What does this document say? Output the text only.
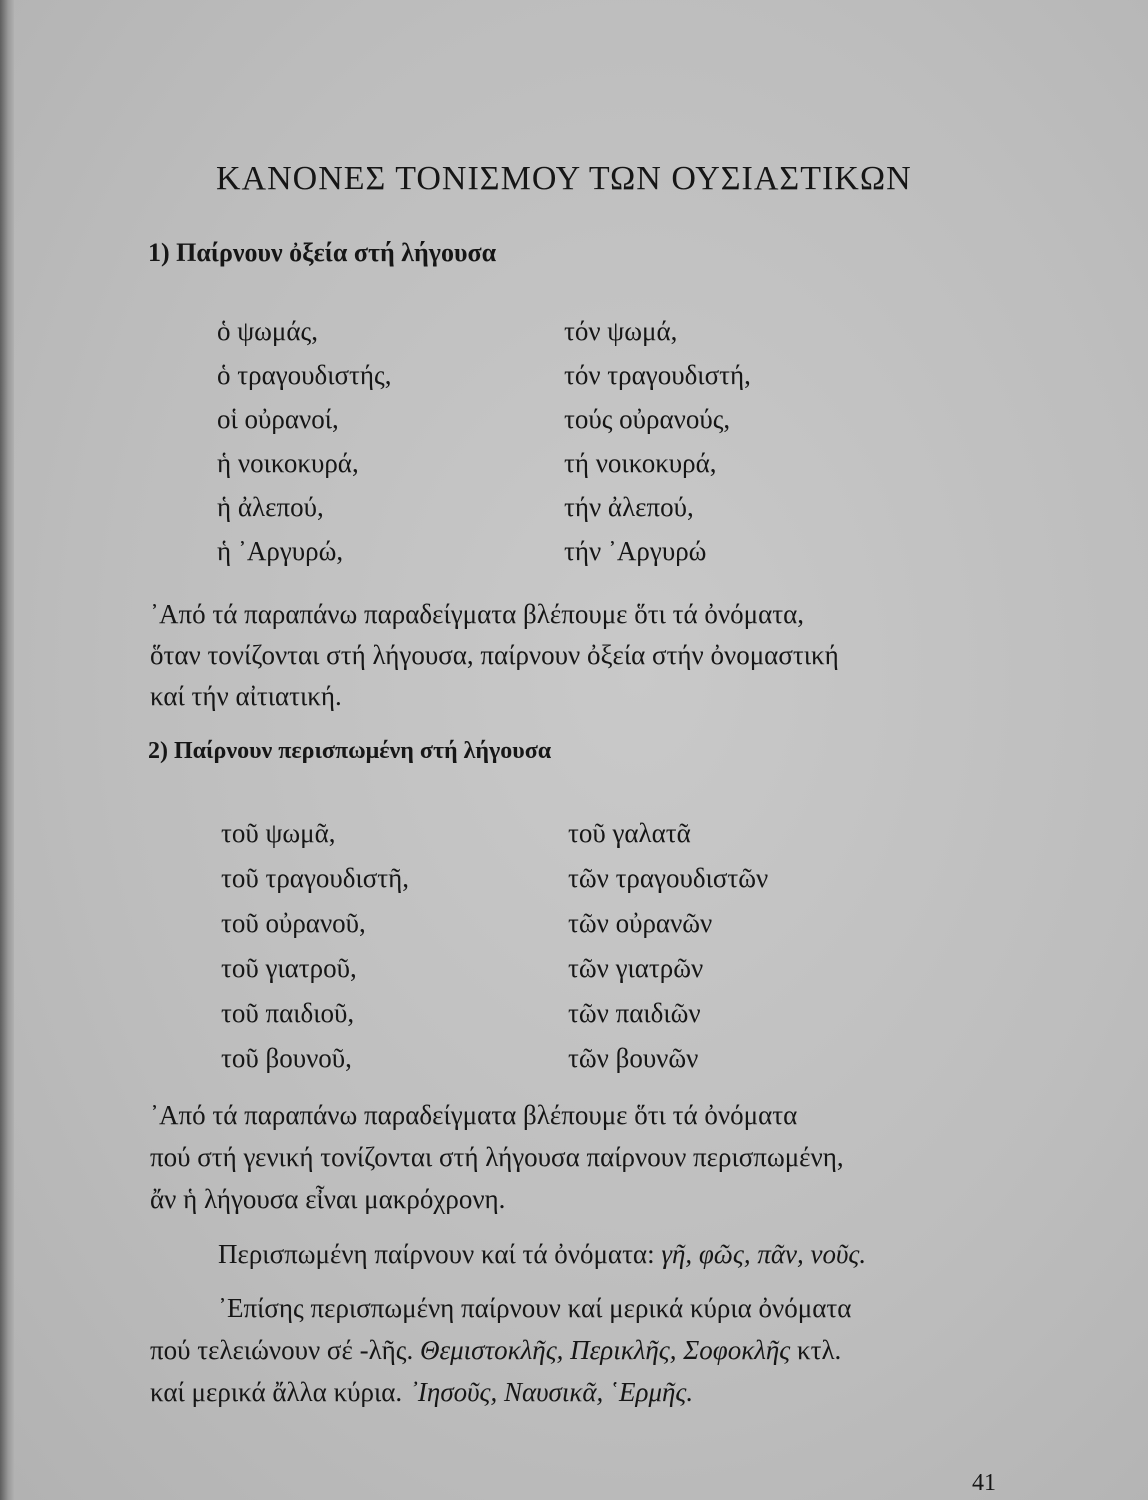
ΚΑΝΟΝΕΣ ΤΟΝΙΣΜΟΥ ΤΩΝ ΟΥΣΙΑΣΤΙΚΩΝ
1) Παίρνουν ὀξεία στή λήγουσα
ὁ ψωμάς,
ὁ τραγουδιστής,
οἱ οὐρανοί,
ἡ νοικοκυρά,
ἡ ἀλεπού,
ἡ ᾽Αργυρώ,
τόν ψωμά,
τόν τραγουδιστή,
τούς οὐρανούς,
τή νοικοκυρά,
τήν ἀλεπού,
τήν ᾽Αργυρώ
᾽Από τά παραπάνω παραδείγματα βλέπουμε ὅτι τά ὀνόματα,
ὅταν τονίζονται στή λήγουσα, παίρνουν ὀξεία στήν ὀνομαστική
καί τήν αἰτιατική.
2) Παίρνουν περισπωμένη στή λήγουσα
τοῦ ψωμᾶ,
τοῦ τραγουδιστῆ,
τοῦ οὐρανοῦ,
τοῦ γιατροῦ,
τοῦ παιδιοῦ,
τοῦ βουνοῦ,
τοῦ γαλατᾶ
τῶν τραγουδιστῶν
τῶν οὐρανῶν
τῶν γιατρῶν
τῶν παιδιῶν
τῶν βουνῶν
᾽Από τά παραπάνω παραδείγματα βλέπουμε ὅτι τά ὀνόματα
πού στή γενική τονίζονται στή λήγουσα παίρνουν περισπωμένη,
ἄν ἡ λήγουσα εἶναι μακρόχρονη.
Περισπωμένη παίρνουν καί τά ὀνόματα: γῆ, φῶς, πᾶν, νοῦς.
᾽Επίσης περισπωμένη παίρνουν καί μερικά κύρια ὀνόματα
πού τελειώνουν σέ -λῆς. Θεμιστοκλῆς, Περικλῆς, Σοφοκλῆς κτλ.
καί μερικά ἄλλα κύρια. ᾽Ιησοῦς, Ναυσικᾶ, ῾Ερμῆς.
41
